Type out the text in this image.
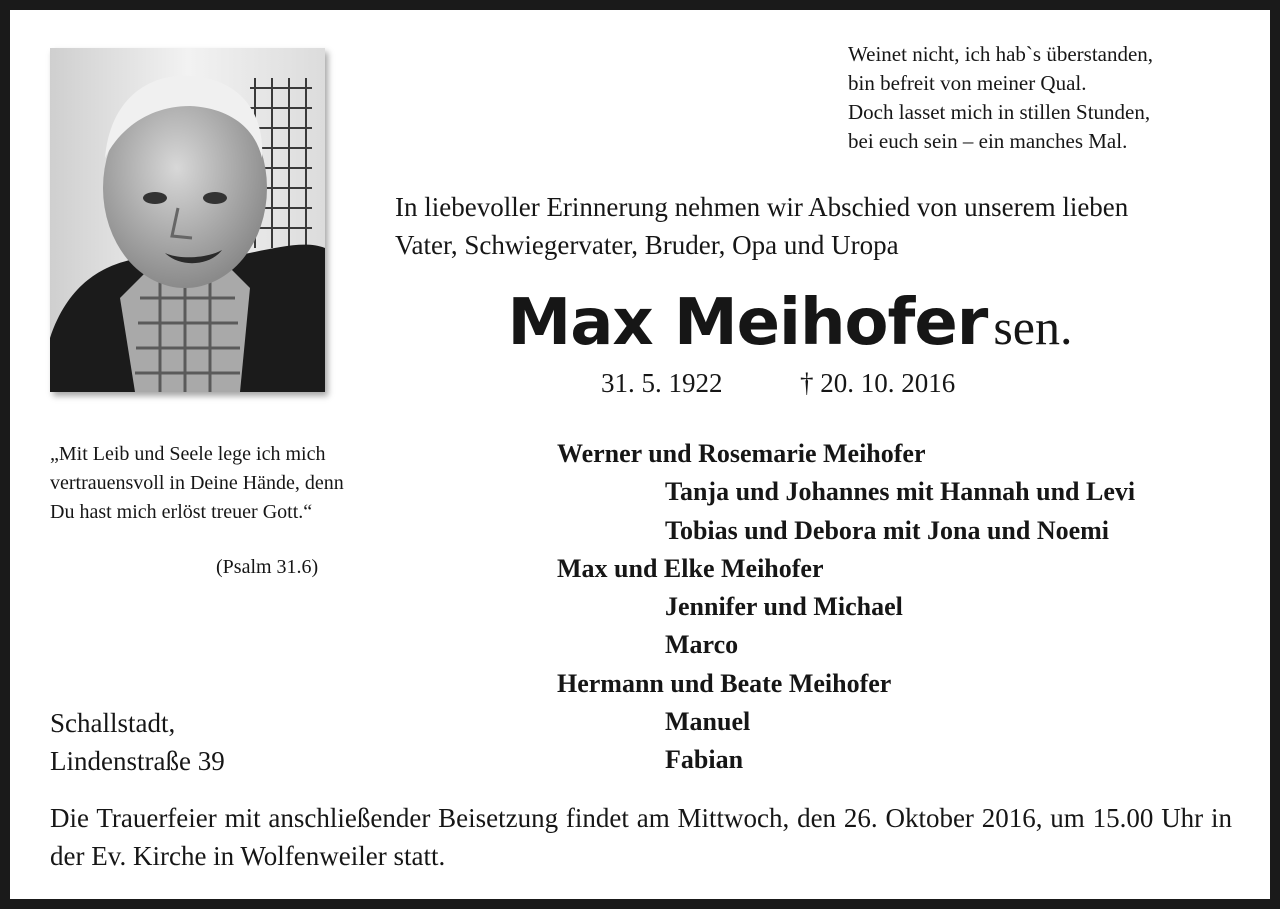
Weinet nicht, ich hab`s überstanden,
bin befreit von meiner Qual.
Doch lasset mich in stillen Stunden,
bei euch sein – ein manches Mal.
In liebevoller Erinnerung nehmen wir Abschied von unserem lieben
Vater, Schwiegervater, Bruder, Opa und Uropa
Max Meihofer sen.
31. 5. 1922	† 20. 10. 2016
„Mit Leib und Seele lege ich mich vertrauensvoll in Deine Hände, denn Du hast mich erlöst treuer Gott.“
(Psalm 31.6)
Werner und Rosemarie Meihofer
Tanja und Johannes mit Hannah und Levi
Tobias und Debora mit Jona und Noemi
Max und Elke Meihofer
Jennifer und Michael
Marco
Hermann und Beate Meihofer
Manuel
Fabian
Schallstadt,
Lindenstraße 39
Die Trauerfeier mit anschließender Beisetzung findet am Mittwoch, den 26. Oktober 2016, um 15.00 Uhr in der Ev. Kirche in Wolfenweiler statt.
